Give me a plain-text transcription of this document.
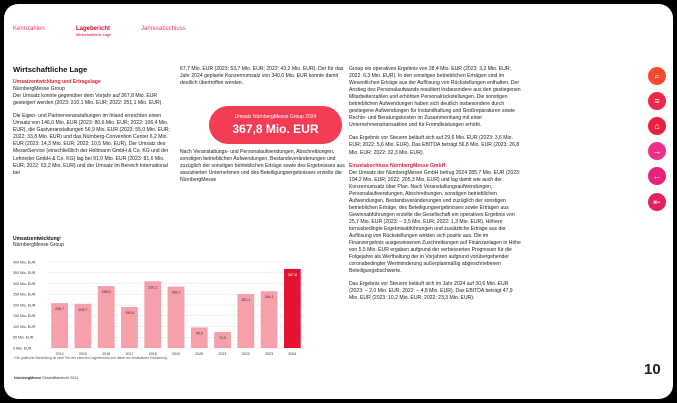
Kennzahlen	Lagebericht
Wirtschaftliche Lage
Jahresabschluss
Wirtschaftliche Lage
Umsatzentwicklung und Ertragslage
NürnbergMesse Group

Der Umsatz konnte gegenüber dem Vorjahr auf 367,8 Mio. EUR gesteigert werden (2023: 310,1 Mio. EUR; 2022: 251,1 Mio. EUR).

Die Eigen- und Partnerveranstaltungen im Inland erreichten einen Umsatz von 146,0 Mio. EUR (2023: 80,6 Mio. EUR; 2022: 106,4 Mio. EUR), die Gastveranstaltungen 56,9 Mio. EUR (2023: 55,0 Mio. EUR; 2022: 33,8 Mio. EUR) und das Nürnberg-Convention Center 6,2 Mio. EUR (2023: 14,3 Mio. EUR; 2022: 10,5 Mio. EUR). Der Umsatz des MesseService (einschließlich der Holtmann GmbH & Co. KG und der Lehrieder GmbH & Co. KG) lag bei 91,0 Mio. EUR (2023: 81,6 Mio. EUR; 2022: 63,2 Mio. EUR) und der Umsatz im Bereich International bei

67,7 Mio. EUR (2023: 53,7 Mio. EUR; 2022: 43,2 Mio. EUR). Der für das Jahr 2024 geplante Konzernumsatz von 340,0 Mio. EUR konnte damit deutlich übertroffen werden.

Umsatz NürnbergMesse Group 2024
367,8 Mio. EUR

Nach Veranstaltungs- und Personalaufwendungen, Abschreibungen, sonstigen betrieblichen Aufwendungen, Bestandsveränderungen und zuzüglich der sonstigen betrieblichen Erträge sowie des Ergebnisses aus assoziierten Unternehmen und des Beteiligungsergebnisses erzielte die NürnbergMesse

Group ein operatives Ergebnis von 28,4 Mio. EUR (2023: 3,2 Mio. EUR; 2022: 6,3 Mio. EUR). In den sonstigen betrieblichen Erträgen sind im Wesentlichen Erträge aus der Auflösung von Rückstellungen enthalten. Der Anstieg des Personalaufwands resultiert insbesondere aus den gestiegenen Mitarbeiterzahlen und erhöhten Personalrückstellungen. Die sonstigen betrieblichen Aufwendungen haben sich deutlich insbesondere durch gestiegene Aufwendungen für Instandhaltung und Großreparaturen sowie Rechts- und Beratungskosten im Zusammenhang mit einer Unternehmenstransaktion und für Fremdleistungen erhöht.

Das Ergebnis vor Steuern beläuft sich auf 29,6 Mio. EUR (2023: 3,6 Mio. EUR; 2022: 5,6 Mio. EUR). Das EBITDA beträgt 56,8 Mio. EUR (2023: 26,8 Mio. EUR; 2022: 32,3 Mio. EUR).

Einzelabschluss NürnbergMesse GmbH

Der Umsatz der NürnbergMesse GmbH betrug 2024 285,7 Mio. EUR (2023: 194,2 Mio. EUR; 2022: 205,3 Mio. EUR) und lag damit wie auch der Konzernumsatz über Plan. Nach Veranstaltungsaufwendungen, Personalaufwendungen, Abschreibungen, sonstigen betrieblichen Aufwendungen, Bestandsveränderungen und zuzüglich der sonstigen betrieblichen Erträge, des Beteiligungsergebnisses sowie Erträgen aus Gewinnabführungen erzielte die Gesellschaft ein operatives Ergebnis von 25,7 Mio. EUR (2023: – 3,5 Mio. EUR; 2022: 1,3 Mio. EUR). Höhere turnusbedingte Ergebnisabführungen und zusätzliche Erträge aus der Auflösung von Rückstellungen wirkten sich positiv aus. Die im Finanzergebnis ausgewiesenen Zuschreibungen auf Finanzanlagen in Höhe von 5,5 Mio. EUR ergaben aufgrund der verbesserten Prognosen für die Folgejahre als Werthaltung der in Vorjahren aufgrund vorübergehender coronabedingter Wertminderung außerplanmäßig abgeschriebenen Beteiligungsbuchwerte.

Das Ergebnis vor Steuern beläuft sich im Jahr 2024 auf 30,6 Mio. EUR (2023: – 2,0 Mio. EUR; 2022: – 4,8 Mio. EUR). Das EBITDA beträgt 47,9 Mio. EUR (2023: 10,2 Mio. EUR; 2022: 23,3 Mio. EUR).

Umsatzentwicklung¹
NürnbergMesse Group
0 Mio. EUR
50 Mio. EUR
100 Mio. EUR
150 Mio. EUR
200 Mio. EUR
250 Mio. EUR
300 Mio. EUR
350 Mio. EUR
400 Mio. EUR
208,7
2014
205,7
2015
288,0
2016
190,8
2017
310,1
2018
285,7
2019
95,5
2020
74,5
2021
251,1
2022
264,1
2023
367,8
2024
¹ Die grafische Darstellung ist nicht Teil des externen Lageberichts und daher ein zusätzlicher Erläuterung.
NürnbergMesse Geschäftsbericht 2024	10
⌕
≡
⌂
→
←
⇤
